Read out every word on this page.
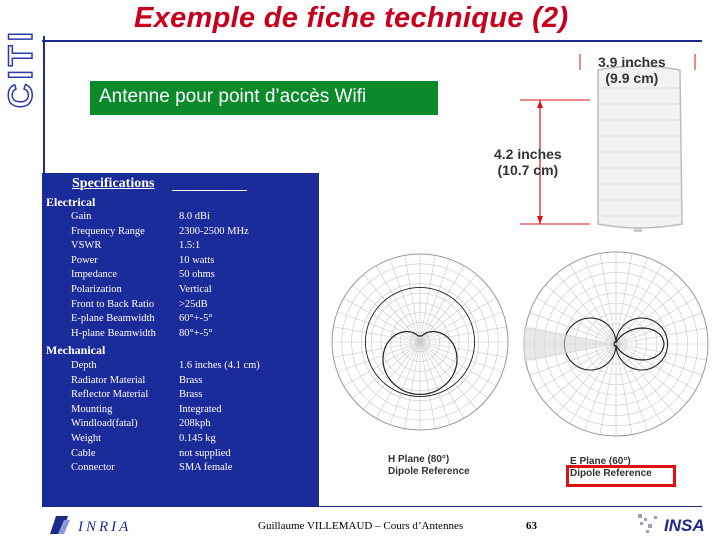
CITI
Exemple de fiche technique (2)
Antenne pour point d’accès Wifi
Specifications
Electrical
Gain	8.0 dBi
Frequency Range	2300-2500 MHz
VSWR	1.5:1
Power	10 watts
Impedance	50 ohms
Polarization	Vertical
Front to Back Ratio >25dB
E-plane Beamwidth 60°+-5°
H-plane Beamwidth 80°+-5°
Mechanical
Depth	1.6 inches (4.1 cm)
Radiator Material	Brass
Reflector Material	Brass
Mounting	Integrated
Windload(fatal)	208kph
Weight	0.145 kg
Cable	not supplied
Connector	SMA female
3.9 inches
(9.9 cm)
4.2 inches
(10.7 cm)
H Plane (80°)
Dipole Reference
E Plane (60°)
Dipole Reference
INRIA	Guillaume VILLEMAUD – Cours d’Antennes	63	INSA
